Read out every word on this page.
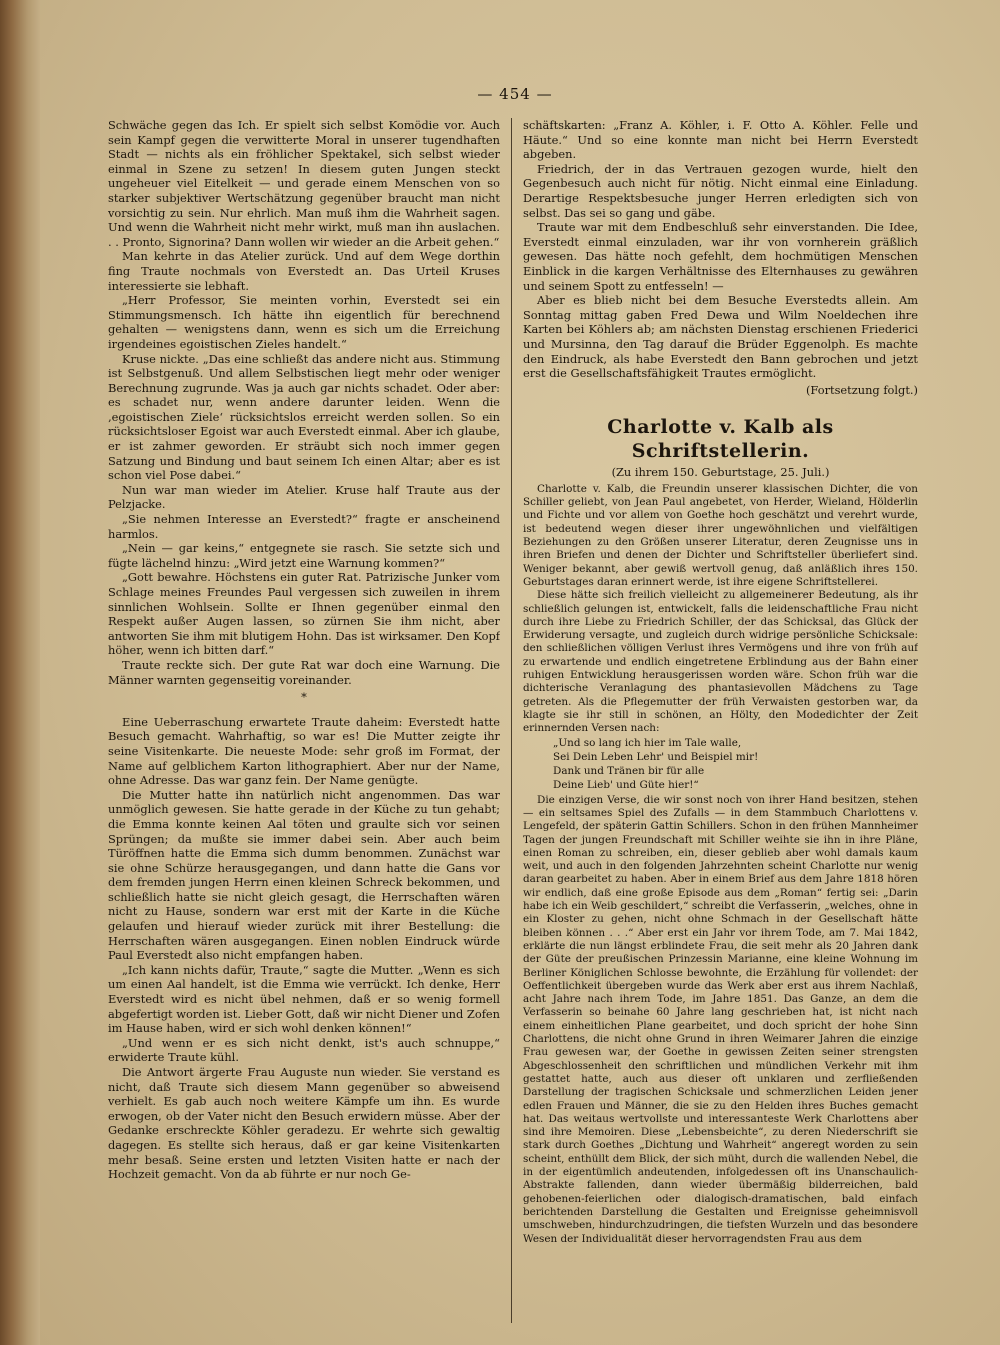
— 454 —

Schwäche gegen das Ich. Er spielt sich selbst Komödie vor. Auch sein Kampf gegen die verwitterte Moral in unserer tugendhaften Stadt — nichts als ein fröhlicher Spektakel, sich selbst wieder einmal in Szene zu setzen! In diesem guten Jungen steckt ungeheuer viel Eitelkeit — und gerade einem Menschen von so starker subjektiver Wertschätzung gegenüber braucht man nicht vorsichtig zu sein. Nur ehrlich. Man muß ihm die Wahrheit sagen. Und wenn die Wahrheit nicht mehr wirkt, muß man ihn auslachen. . . Pronto, Signorina? Dann wollen wir wieder an die Arbeit gehen.“

Man kehrte in das Atelier zurück. Und auf dem Wege dorthin fing Traute nochmals von Everstedt an. Das Urteil Kruses interessierte sie lebhaft.

„Herr Professor, Sie meinten vorhin, Everstedt sei ein Stimmungsmensch. Ich hätte ihn eigentlich für berechnend gehalten — wenigstens dann, wenn es sich um die Erreichung irgendeines egoistischen Zieles handelt.“

Kruse nickte. „Das eine schließt das andere nicht aus. Stimmung ist Selbstgenuß. Und allem Selbstischen liegt mehr oder weniger Berechnung zugrunde. Was ja auch gar nichts schadet. Oder aber: es schadet nur, wenn andere darunter leiden. Wenn die ‚egoistischen Ziele‘ rücksichtslos erreicht werden sollen. So ein rücksichtsloser Egoist war auch Everstedt einmal. Aber ich glaube, er ist zahmer geworden. Er sträubt sich noch immer gegen Satzung und Bindung und baut seinem Ich einen Altar; aber es ist schon viel Pose dabei.“

Nun war man wieder im Atelier. Kruse half Traute aus der Pelzjacke.

„Sie nehmen Interesse an Everstedt?“ fragte er anscheinend harmlos.

„Nein — gar keins,“ entgegnete sie rasch. Sie setzte sich und fügte lächelnd hinzu: „Wird jetzt eine Warnung kommen?“

„Gott bewahre. Höchstens ein guter Rat. Patrizische Junker vom Schlage meines Freundes Paul vergessen sich zuweilen in ihrem sinnlichen Wohlsein. Sollte er Ihnen gegenüber einmal den Respekt außer Augen lassen, so zürnen Sie ihm nicht, aber antworten Sie ihm mit blutigem Hohn. Das ist wirksamer. Den Kopf höher, wenn ich bitten darf.“

Traute reckte sich. Der gute Rat war doch eine Warnung. Die Männer warnten gegenseitig voreinander.

*

Eine Ueberraschung erwartete Traute daheim: Everstedt hatte Besuch gemacht. Wahrhaftig, so war es! Die Mutter zeigte ihr seine Visitenkarte. Die neueste Mode: sehr groß im Format, der Name auf gelblichem Karton lithographiert. Aber nur der Name, ohne Adresse. Das war ganz fein. Der Name genügte.

Die Mutter hatte ihn natürlich nicht angenommen. Das war unmöglich gewesen. Sie hatte gerade in der Küche zu tun gehabt; die Emma konnte keinen Aal töten und graulte sich vor seinen Sprüngen; da mußte sie immer dabei sein. Aber auch beim Türöffnen hatte die Emma sich dumm benommen. Zunächst war sie ohne Schürze herausgegangen, und dann hatte die Gans vor dem fremden jungen Herrn einen kleinen Schreck bekommen, und schließlich hatte sie nicht gleich gesagt, die Herrschaften wären nicht zu Hause, sondern war erst mit der Karte in die Küche gelaufen und hierauf wieder zurück mit ihrer Bestellung: die Herrschaften wären ausgegangen. Einen noblen Eindruck würde Paul Everstedt also nicht empfangen haben.

„Ich kann nichts dafür, Traute,“ sagte die Mutter. „Wenn es sich um einen Aal handelt, ist die Emma wie verrückt. Ich denke, Herr Everstedt wird es nicht übel nehmen, daß er so wenig formell abgefertigt worden ist. Lieber Gott, daß wir nicht Diener und Zofen im Hause haben, wird er sich wohl denken können!“

„Und wenn er es sich nicht denkt, ist's auch schnuppe,“ erwiderte Traute kühl.

Die Antwort ärgerte Frau Auguste nun wieder. Sie verstand es nicht, daß Traute sich diesem Mann gegenüber so abweisend verhielt. Es gab auch noch weitere Kämpfe um ihn. Es wurde erwogen, ob der Vater nicht den Besuch erwidern müsse. Aber der Gedanke erschreckte Köhler geradezu. Er wehrte sich gewaltig dagegen. Es stellte sich heraus, daß er gar keine Visitenkarten mehr besaß. Seine ersten und letzten Visiten hatte er nach der Hochzeit gemacht. Von da ab führte er nur noch Ge-

schäftskarten: „Franz A. Köhler, i. F. Otto A. Köhler. Felle und Häute.“ Und so eine konnte man nicht bei Herrn Everstedt abgeben.

Friedrich, der in das Vertrauen gezogen wurde, hielt den Gegenbesuch auch nicht für nötig. Nicht einmal eine Einladung. Derartige Respektsbesuche junger Herren erledigten sich von selbst. Das sei so gang und gäbe.

Traute war mit dem Endbeschluß sehr einverstanden. Die Idee, Everstedt einmal einzuladen, war ihr von vornherein gräßlich gewesen. Das hätte noch gefehlt, dem hochmütigen Menschen Einblick in die kargen Verhältnisse des Elternhauses zu gewähren und seinem Spott zu entfesseln! —

Aber es blieb nicht bei dem Besuche Everstedts allein. Am Sonntag mittag gaben Fred Dewa und Wilm Noeldechen ihre Karten bei Köhlers ab; am nächsten Dienstag erschienen Friederici und Mursinna, den Tag darauf die Brüder Eggenolph. Es machte den Eindruck, als habe Everstedt den Bann gebrochen und jetzt erst die Gesellschaftsfähigkeit Trautes ermöglicht.

(Fortsetzung folgt.)

Charlotte v. Kalb als Schriftstellerin.
(Zu ihrem 150. Geburtstage, 25. Juli.)

Charlotte v. Kalb, die Freundin unserer klassischen Dichter, die von Schiller geliebt, von Jean Paul angebetet, von Herder, Wieland, Hölderlin und Fichte und vor allem von Goethe hoch geschätzt und verehrt wurde, ist bedeutend wegen dieser ihrer ungewöhnlichen und vielfältigen Beziehungen zu den Größen unserer Literatur, deren Zeugnisse uns in ihren Briefen und denen der Dichter und Schriftsteller überliefert sind. Weniger bekannt, aber gewiß wertvoll genug, daß anläßlich ihres 150. Geburtstages daran erinnert werde, ist ihre eigene Schriftstellerei.

Diese hätte sich freilich vielleicht zu allgemeinerer Bedeutung, als ihr schließlich gelungen ist, entwickelt, falls die leidenschaftliche Frau nicht durch ihre Liebe zu Friedrich Schiller, der das Schicksal, das Glück der Erwiderung versagte, und zugleich durch widrige persönliche Schicksale: den schließlichen völligen Verlust ihres Vermögens und ihre von früh auf zu erwartende und endlich eingetretene Erblindung aus der Bahn einer ruhigen Entwicklung herausgerissen worden wäre. Schon früh war die dichterische Veranlagung des phantasievollen Mädchens zu Tage getreten. Als die Pflegemutter der früh Verwaisten gestorben war, da klagte sie ihr still in schönen, an Hölty, den Modedichter der Zeit erinnernden Versen nach:

„Und so lang ich hier im Tale walle,

Sei Dein Leben Lehr' und Beispiel mir!

Dank und Tränen bir für alle

Deine Lieb' und Güte hier!“

Die einzigen Verse, die wir sonst noch von ihrer Hand besitzen, stehen — ein seltsames Spiel des Zufalls — in dem Stammbuch Charlottens v. Lengefeld, der späterin Gattin Schillers. Schon in den frühen Mannheimer Tagen der jungen Freundschaft mit Schiller weihte sie ihn in ihre Pläne, einen Roman zu schreiben, ein, dieser geblieb aber wohl damals kaum weit, und auch in den folgenden Jahrzehnten scheint Charlotte nur wenig daran gearbeitet zu haben. Aber in einem Brief aus dem Jahre 1818 hören wir endlich, daß eine große Episode aus dem „Roman“ fertig sei: „Darin habe ich ein Weib geschildert,“ schreibt die Verfasserin, „welches, ohne in ein Kloster zu gehen, nicht ohne Schmach in der Gesellschaft hätte bleiben können . . .“ Aber erst ein Jahr vor ihrem Tode, am 7. Mai 1842, erklärte die nun längst erblindete Frau, die seit mehr als 20 Jahren dank der Güte der preußischen Prinzessin Marianne, eine kleine Wohnung im Berliner Königlichen Schlosse bewohnte, die Erzählung für vollendet: der Oeffentlichkeit übergeben wurde das Werk aber erst aus ihrem Nachlaß, acht Jahre nach ihrem Tode, im Jahre 1851. Das Ganze, an dem die Verfasserin so beinahe 60 Jahre lang geschrieben hat, ist nicht nach einem einheitlichen Plane gearbeitet, und doch spricht der hohe Sinn Charlottens, die nicht ohne Grund in ihren Weimarer Jahren die einzige Frau gewesen war, der Goethe in gewissen Zeiten seiner strengsten Abgeschlossenheit den schriftlichen und mündlichen Verkehr mit ihm gestattet hatte, auch aus dieser oft unklaren und zerfließenden Darstellung der tragischen Schicksale und schmerzlichen Leiden jener edlen Frauen und Männer, die sie zu den Helden ihres Buches gemacht hat. Das weitaus wertvollste und interessanteste Werk Charlottens aber sind ihre Memoiren. Diese „Lebensbeichte“, zu deren Niederschrift sie stark durch Goethes „Dichtung und Wahrheit“ angeregt worden zu sein scheint, enthüllt dem Blick, der sich müht, durch die wallenden Nebel, die in der eigentümlich andeutenden, infolgedessen oft ins Unanschaulich-Abstrakte fallenden, dann wieder übermäßig bilderreichen, bald gehobenen-feierlichen oder dialogisch-dramatischen, bald einfach berichtenden Darstellung die Gestalten und Ereignisse geheimnisvoll umschweben, hindurchzudringen, die tiefsten Wurzeln und das besondere Wesen der Individualität dieser hervorragendsten Frau aus dem
